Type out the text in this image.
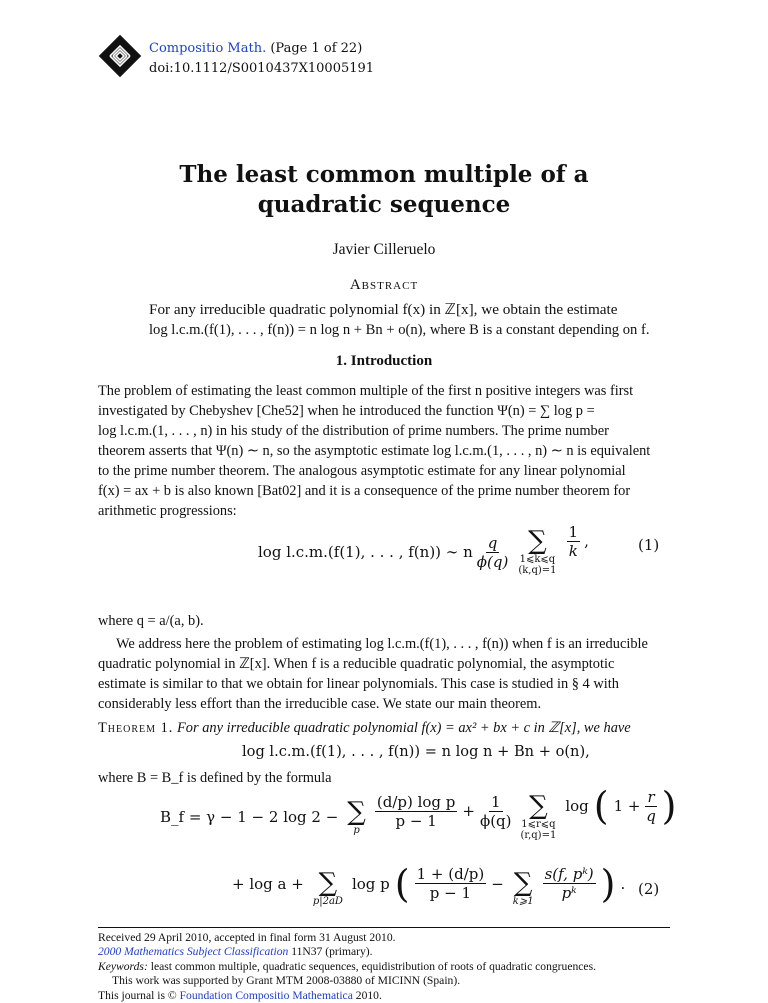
Compositio Math. (Page 1 of 22)
doi:10.1112/S0010437X10005191
The least common multiple of a
quadratic sequence
Javier Cilleruelo
Abstract
For any irreducible quadratic polynomial f(x) in ℤ[x], we obtain the estimate
log l.c.m.(f(1), . . . , f(n)) = n log n + Bn + o(n), where B is a constant depending on f.
1. Introduction
The problem of estimating the least common multiple of the first n positive integers was first
investigated by Chebyshev [Che52] when he introduced the function Ψ(n) = ∑ log p =
log l.c.m.(1, . . . , n) in his study of the distribution of prime numbers. The prime number
theorem asserts that Ψ(n) ∼ n, so the asymptotic estimate log l.c.m.(1, . . . , n) ∼ n is equivalent
to the prime number theorem. The analogous asymptotic estimate for any linear polynomial
f(x) = ax + b is also known [Bat02] and it is a consequence of the prime number theorem for
arithmetic progressions:
log l.c.m.(f(1), . . . , f(n)) ∼ n $\frac{q}{\phi(q)}$ ∑
1⩽k⩽q
(k,q)=1
$\frac{1}{k}$ ,	(1)
where q = a/(a, b).
We address here the problem of estimating log l.c.m.(f(1), . . . , f(n)) when f is an irreducible
quadratic polynomial in ℤ[x]. When f is a reducible quadratic polynomial, the asymptotic
estimate is similar to that we obtain for linear polynomials. This case is studied in § 4 with
considerably less effort than the irreducible case. We state our main theorem.
Theorem 1. For any irreducible quadratic polynomial f(x) = ax² + bx + c in ℤ[x], we have
log l.c.m.(f(1), . . . , f(n)) = n log n + Bn + o(n),
where B = B_f is defined by the formula
B_f = γ − 1 − 2 log 2 − ∑
p
$\frac{\text{(d/p) log p}}{p - 1} + \frac{1}{\phi(q)}$ ∑
1⩽r⩽q
(r,q)=1
log ( $1 + \frac{r}{q}$ )
+ log a + ∑
p|2aD
log p ( $\frac{1 + (d/p)}{p - 1}$ − ∑
k⩾1 $\frac{\text{s(f, pᵏ)}}{\text{pᵏ}}$ ) . (2)
Received 29 April 2010, accepted in final form 31 August 2010.
2000 Mathematics Subject Classification 11N37 (primary).
Keywords: least common multiple, quadratic sequences, equidistribution of roots of quadratic congruences.
This work was supported by Grant MTM 2008-03880 of MICINN (Spain).
This journal is © Foundation Compositio Mathematica 2010.
